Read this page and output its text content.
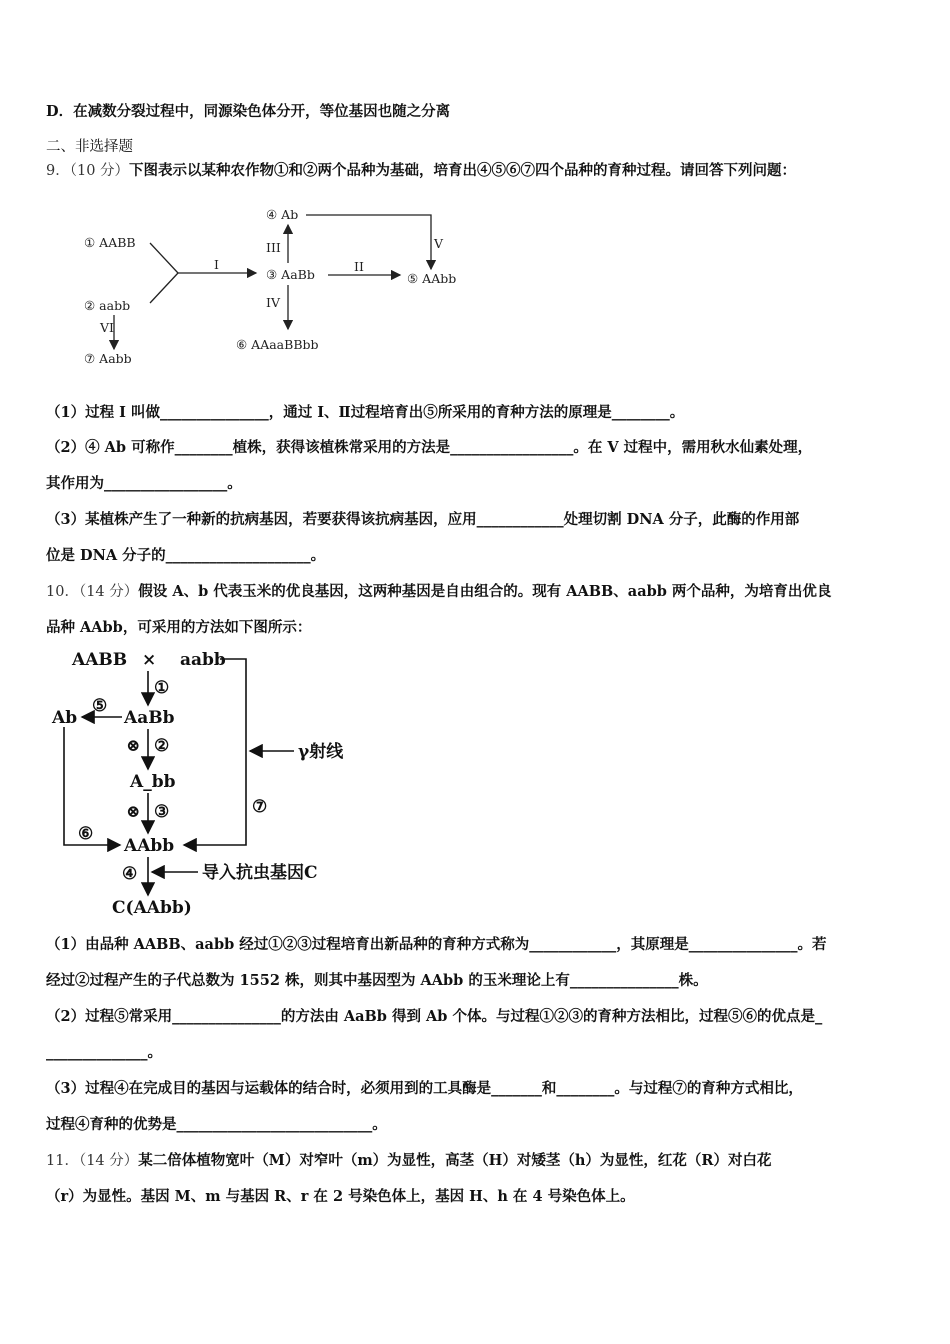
D．在减数分裂过程中，同源染色体分开，等位基因也随之分离
二、非选择题
9．（10 分）下图表示以某种农作物①和②两个品种为基础，培育出④⑤⑥⑦四个品种的育种过程。请回答下列问题：
① AABB
② aabb
⑦ Aabb
④ Ab
③ AaBb	⑤ AAbb
⑥ AAaaBBbb
I	II
III
IV
V
VI
（1）过程 I 叫做_______________，通过 I、Ⅱ过程培育出⑤所采用的育种方法的原理是________。
（2）④ Ab 可称作________植株，获得该植株常采用的方法是_________________。在 V 过程中，需用秋水仙素处理，
其作用为_________________。
（3）某植株产生了一种新的抗病基因，若要获得该抗病基因，应用____________处理切割 DNA 分子，此酶的作用部
位是 DNA 分子的____________________。
10．（14 分）假设 A、b 代表玉米的优良基因，这两种基因是自由组合的。现有 AABB、aabb 两个品种，为培育出优良
品种 AAbb，可采用的方法如下图所示：
AABB × aabb
AaBb
Ab
A_bb
AAbb
C(AAbb)
①
⊗ ②
⊗ ③
⑤
⑥
⑦
④
γ射线
导入抗虫基因C
（1）由品种 AABB、aabb 经过①②③过程培育出新品种的育种方式称为____________，其原理是_______________。若
经过②过程产生的子代总数为 1552 株，则其中基因型为 AAbb 的玉米理论上有_______________株。
（2）过程⑤常采用_______________的方法由 AaBb 得到 Ab 个体。与过程①②③的育种方法相比，过程⑤⑥的优点是_
______________。
（3）过程④在完成目的基因与运载体的结合时，必须用到的工具酶是_______和________。与过程⑦的育种方式相比，
过程④育种的优势是___________________________。
11．（14 分）某二倍体植物宽叶（M）对窄叶（m）为显性，高茎（H）对矮茎（h）为显性，红花（R）对白花
（r）为显性。基因 M、m 与基因 R、r 在 2 号染色体上，基因 H、h 在 4 号染色体上。
